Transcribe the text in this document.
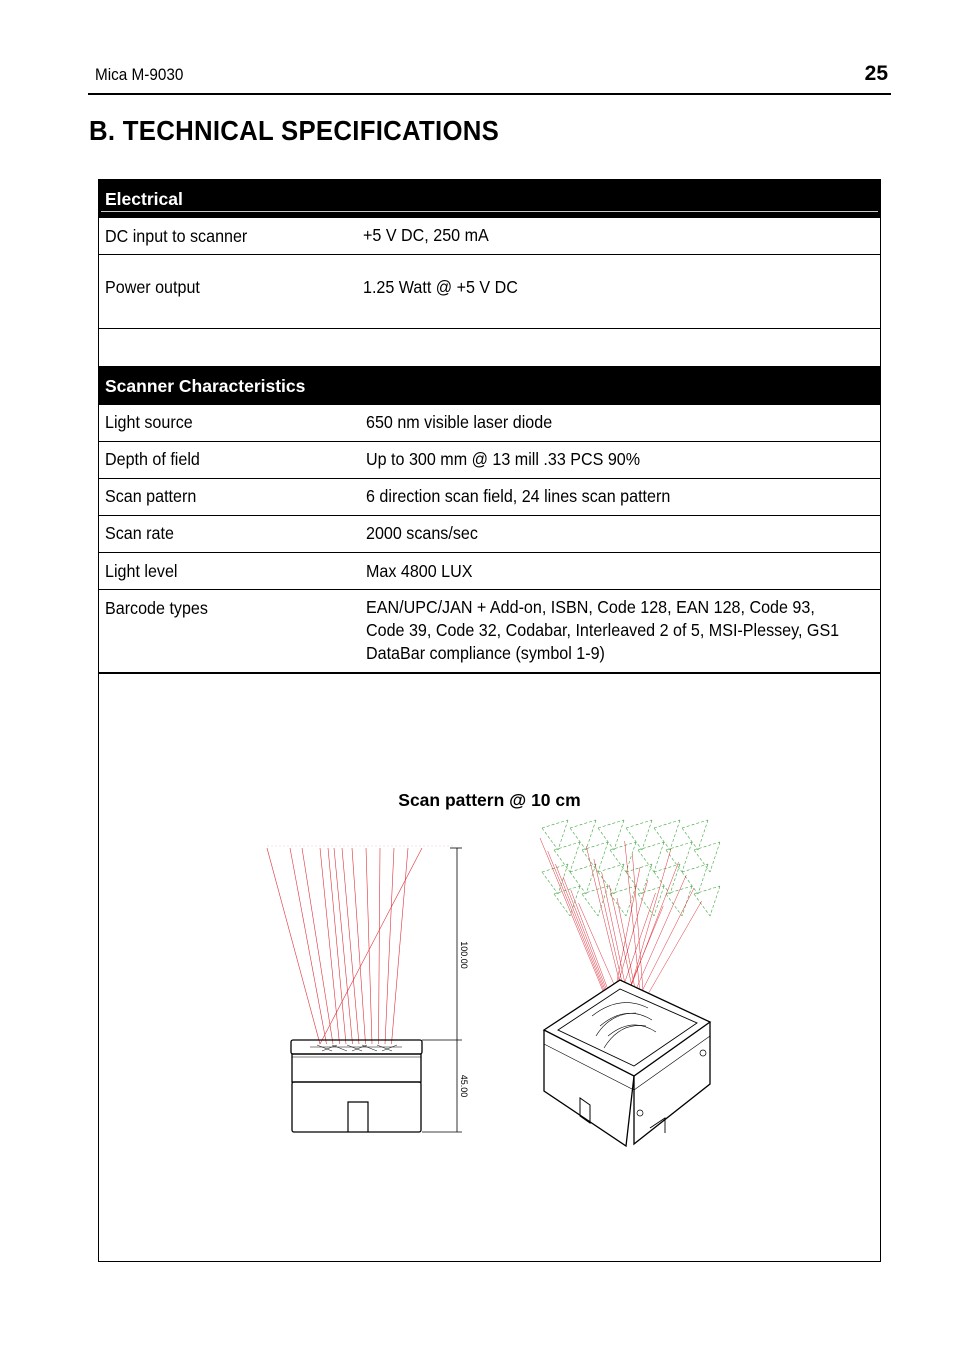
Mica M-9030	25
B. TECHNICAL SPECIFICATIONS
Electrical
DC input to scanner	+5 V DC, 250 mA
Power output	1.25 Watt @ +5 V DC
Scanner Characteristics
Light source	650 nm visible laser diode
Depth of field	Up to 300 mm @ 13 mill .33 PCS 90%
Scan pattern	6 direction scan field, 24 lines scan pattern
Scan rate	2000 scans/sec
Light level	Max 4800 LUX
Barcode types	EAN/UPC/JAN + Add-on, ISBN, Code 128, EAN 128, Code 93,
Code 39, Code 32, Codabar, Interleaved 2 of 5, MSI-Plessey, GS1
DataBar compliance (symbol 1-9)
Scan pattern @ 10 cm
100.00
45.00
